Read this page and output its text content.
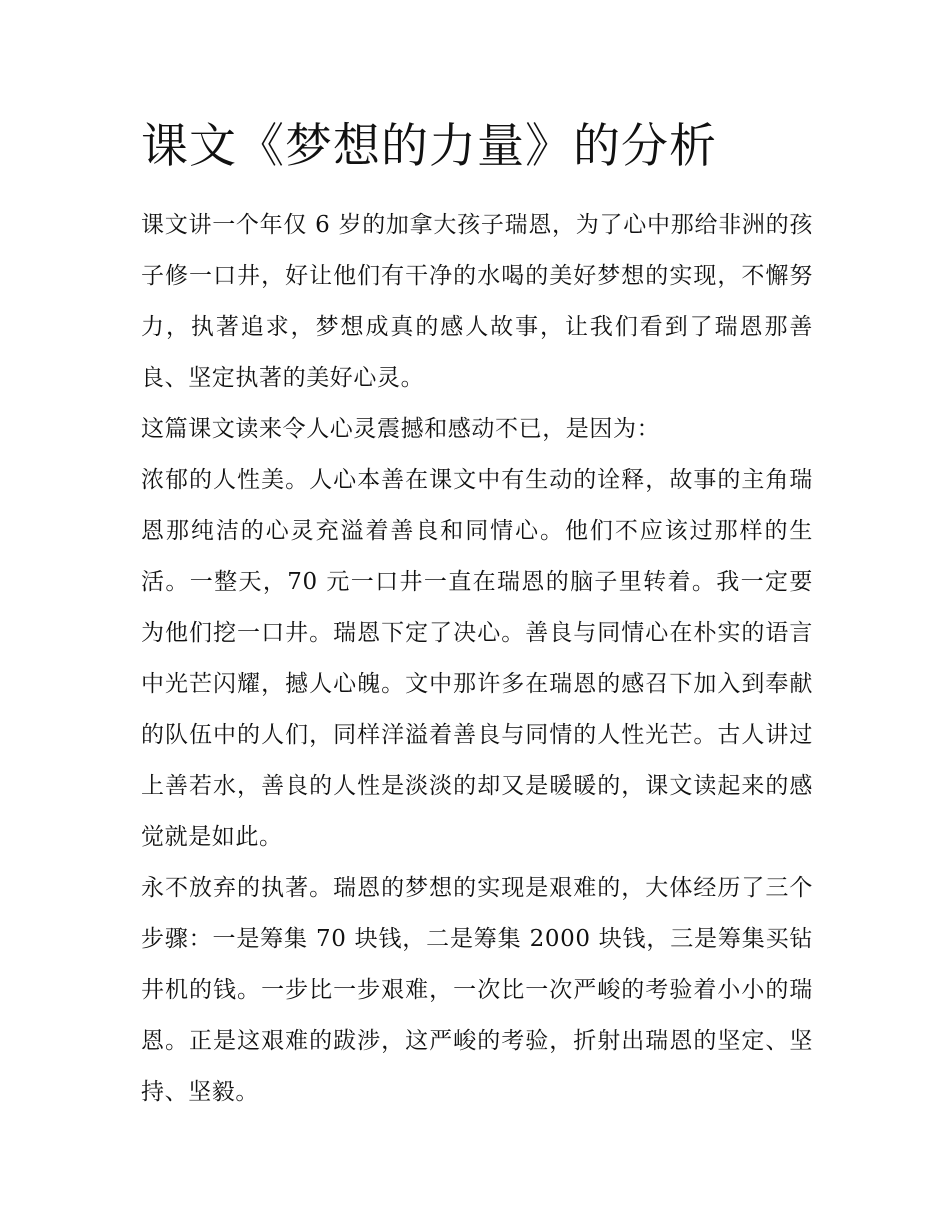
课文《梦想的力量》的分析

课文讲一个年仅 6 岁的加拿大孩子瑞恩，为了心中那给非洲的孩子修一口井，好让他们有干净的水喝的美好梦想的实现，不懈努力，执著追求，梦想成真的感人故事，让我们看到了瑞恩那善良、坚定执著的美好心灵。

这篇课文读来令人心灵震撼和感动不已，是因为：

浓郁的人性美。人心本善在课文中有生动的诠释，故事的主角瑞恩那纯洁的心灵充溢着善良和同情心。他们不应该过那样的生活。一整天，70 元一口井一直在瑞恩的脑子里转着。我一定要为他们挖一口井。瑞恩下定了决心。善良与同情心在朴实的语言中光芒闪耀，撼人心魄。文中那许多在瑞恩的感召下加入到奉献的队伍中的人们，同样洋溢着善良与同情的人性光芒。古人讲过上善若水，善良的人性是淡淡的却又是暖暖的，课文读起来的感觉就是如此。

永不放弃的执著。瑞恩的梦想的实现是艰难的，大体经历了三个步骤：一是筹集 70 块钱，二是筹集 2000 块钱，三是筹集买钻井机的钱。一步比一步艰难，一次比一次严峻的考验着小小的瑞恩。正是这艰难的跋涉，这严峻的考验，折射出瑞恩的坚定、坚持、坚毅。
